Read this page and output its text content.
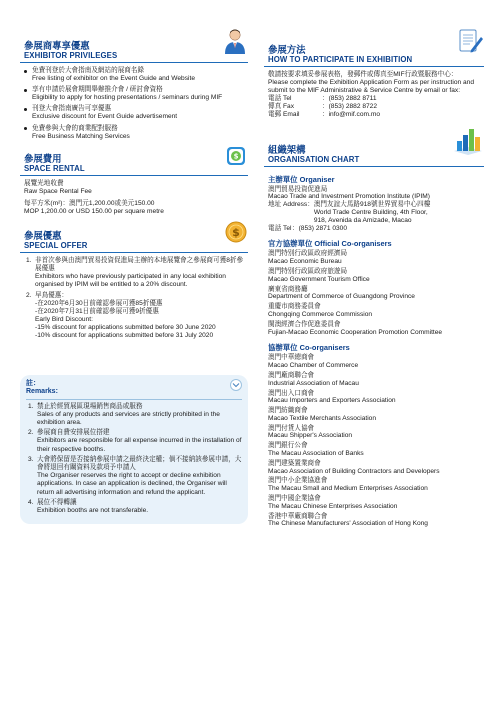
參展商專享優惠
EXHIBITOR PRIVILEGES
免費刊登於大會指南及網站的展商名錄
Free listing of exhibitor on the Event Guide and Website
享有申請於展會期間舉辦推介會 / 研討會資格
Eligibility to apply for hosting presentations / seminars during MIF
刊登大會指南廣告可享優惠
Exclusive discount for Event Guide advertisement
免費參與大會的商業配對服務
Free Business Matching Services
參展費用
SPACE RENTAL
$
展覽光地收費
Raw Space Rental Fee
每平方米(m²)：澳門元1,200.00或美元150.00
MOP 1,200.00 or USD 150.00 per square metre
參展優惠
SPECIAL OFFER
$
1. 非首次參與由澳門貿易投資促進局主辦的本地展覽會之參展商可獲8折參展優惠
Exhibitors who have previously participated in any local exhibition organised by IPIM will be entitled to a 20% discount.
2. 早鳥優惠：
-在2020年6月30日前確認參展可獲85折優惠
-在2020年7月31日前確認參展可獲9折優惠
Early Bird Discount:
-15% discount for applications submitted before 30 June 2020
-10% discount for applications submitted before 31 July 2020
註：
Remarks:
1. 禁止於經貿展區現場銷售商品或服務
Sales of any products and services are strictly prohibited in the exhibition area.
2. 參展商自費安排展位搭建
Exhibitors are responsible for all expense incurred in the installation of their respective booths.
3. 大會將保留是否接納參展申請之最終決定權；倘不接納該參展申請，大會將退回有關資料及款項予申請人
The Organiser reserves the right to accept or decline exhibition applications. In case an application is declined, the Organiser will return all advertising information and refund the applicant.
4. 展位不得轉讓
Exhibition booths are not transferable.
參展方法
HOW TO PARTICIPATE IN EXHIBITION
敬請按要求填妥參展表格，發郵件或傳真至MIF行政暨服務中心：
Please complete the Exhibition Application Form as per instruction and submit to the MIF Administrative & Service Centre by email or fax:
電話 Tel	：(853) 2882 8711
傳真 Fax	：(853) 2882 8722
電郵 Email	：info@mif.com.mo
組織架構
ORGANISATION CHART
主辦單位 Organiser
澳門貿易投資促進局
Macao Trade and Investment Promotion Institute (IPIM)
地址 Address： 澳門友誼大馬路918號世界貿易中心四樓
World Trade Centre Building, 4th Floor,
918, Avenida da Amizade, Macao
電話 Tel ：(853) 2871 0300
官方協辦單位 Official Co-organisers
澳門特別行政區政府經濟局
Macao Economic Bureau
澳門特別行政區政府旅遊局
Macao Government Tourism Office
廣東省商務廳
Department of Commerce of Guangdong Province
重慶市商務委員會
Chongqing Commerce Commission
閩澳經濟合作促進委員會
Fujian-Macao Economic Cooperation Promotion Committee
協辦單位 Co-organisers
澳門中華總商會
Macao Chamber of Commerce
澳門廠商聯合會
Industrial Association of Macau
澳門出入口商會
Macau Importers and Exporters Association
澳門紡織商會
Macao Textile Merchants Association
澳門付貨人協會
Macau Shipper's Association
澳門銀行公會
The Macau Association of Banks
澳門建築置業商會
Macao Association of Building Contractors and Developers
澳門中小企業協進會
The Macau Small and Medium Enterprises Association
澳門中國企業協會
The Macau Chinese Enterprises Association
香港中華廠商聯合會
The Chinese Manufacturers' Association of Hong Kong
